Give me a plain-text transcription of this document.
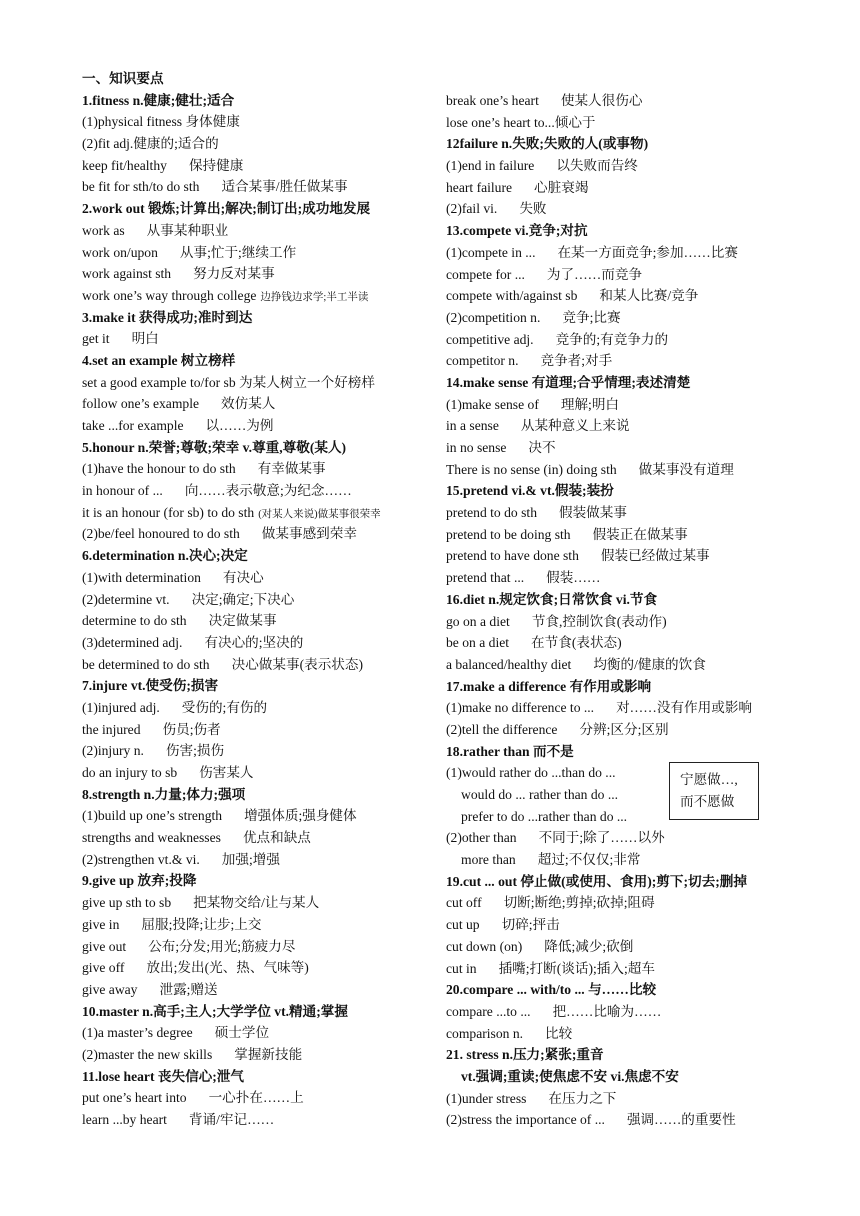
一、知识要点
1.fitness n.健康;健壮;适合
(1)physical fitness 身体健康
(2)fit adj.健康的;适合的
keep fit/healthy 保持健康
be fit for sth/to do sth 适合某事/胜任做某事
2.work out 锻炼;计算出;解决;制订出;成功地发展
work as 从事某种职业
work on/upon 从事;忙于;继续工作
work against sth 努力反对某事
work one’s way through college 边挣钱边求学;半工半读
3.make it 获得成功;准时到达
get it 明白
4.set an example 树立榜样
set a good example to/for sb 为某人树立一个好榜样
follow one’s example 效仿某人
take ...for example 以……为例
5.honour n.荣誉;尊敬;荣幸 v.尊重,尊敬(某人)
(1)have the honour to do sth 有幸做某事
in honour of ... 向……表示敬意;为纪念……
it is an honour (for sb) to do sth (对某人来说)做某事很荣幸
(2)be/feel honoured to do sth 做某事感到荣幸
6.determination n.决心;决定
(1)with determination 有决心
(2)determine vt. 决定;确定;下决心
determine to do sth 决定做某事
(3)determined adj. 有决心的;坚决的
be determined to do sth 决心做某事(表示状态)
7.injure vt.使受伤;损害
(1)injured adj. 受伤的;有伤的
the injured 伤员;伤者
(2)injury n. 伤害;损伤
do an injury to sb 伤害某人
8.strength n.力量;体力;强项
(1)build up one’s strength 增强体质;强身健体
strengths and weaknesses 优点和缺点
(2)strengthen vt.& vi. 加强;增强
9.give up 放弃;投降
give up sth to sb 把某物交给/让与某人
give in 屈服;投降;让步;上交
give out 公布;分发;用光;筋疲力尽
give off 放出;发出(光、热、气味等)
give away 泄露;赠送
10.master n.高手;主人;大学学位 vt.精通;掌握
(1)a master’s degree 硕士学位
(2)master the new skills 掌握新技能
11.lose heart 丧失信心;泄气
put one’s heart into 一心扑在……上
learn ...by heart 背诵/牢记……
break one’s heart 使某人很伤心
lose one’s heart to...倾心于
12failure n.失败;失败的人(或事物)
(1)end in failure 以失败而告终
heart failure 心脏衰竭
(2)fail vi. 失败
13.compete vi.竞争;对抗
(1)compete in ... 在某一方面竞争;参加……比赛
compete for ... 为了……而竞争
compete with/against sb 和某人比赛/竞争
(2)competition n. 竞争;比赛
competitive adj. 竞争的;有竞争力的
competitor n. 竞争者;对手
14.make sense 有道理;合乎情理;表述清楚
(1)make sense of 理解;明白
in a sense 从某种意义上来说
in no sense 决不
There is no sense (in) doing sth 做某事没有道理
15.pretend vi.& vt.假装;装扮
pretend to do sth 假装做某事
pretend to be doing sth 假装正在做某事
pretend to have done sth 假装已经做过某事
pretend that ... 假装……
16.diet n.规定饮食;日常饮食 vi.节食
go on a diet 节食,控制饮食(表动作)
be on a diet 在节食(表状态)
a balanced/healthy diet 均衡的/健康的饮食
17.make a difference 有作用或影响
(1)make no difference to ... 对……没有作用或影响
(2)tell the difference 分辨;区分;区别
18.rather than 而不是
(1)would rather do ...than do ...
would do ... rather than do ...
prefer to do ...rather than do ...
(2)other than 不同于;除了……以外
more than 超过;不仅仅;非常
19.cut ... out 停止做(或使用、食用);剪下;切去;删掉
cut off 切断;断绝;剪掉;砍掉;阻碍
cut up 切碎;抨击
cut down (on) 降低;减少;砍倒
cut in 插嘴;打断(谈话);插入;超车
20.compare ... with/to ... 与……比较
compare ...to ... 把……比喻为……
comparison n. 比较
21. stress n.压力;紧张;重音
vt.强调;重读;使焦虑不安 vi.焦虑不安
(1)under stress 在压力之下
(2)stress the importance of ... 强调……的重要性
宁愿做…,
而不愿做
